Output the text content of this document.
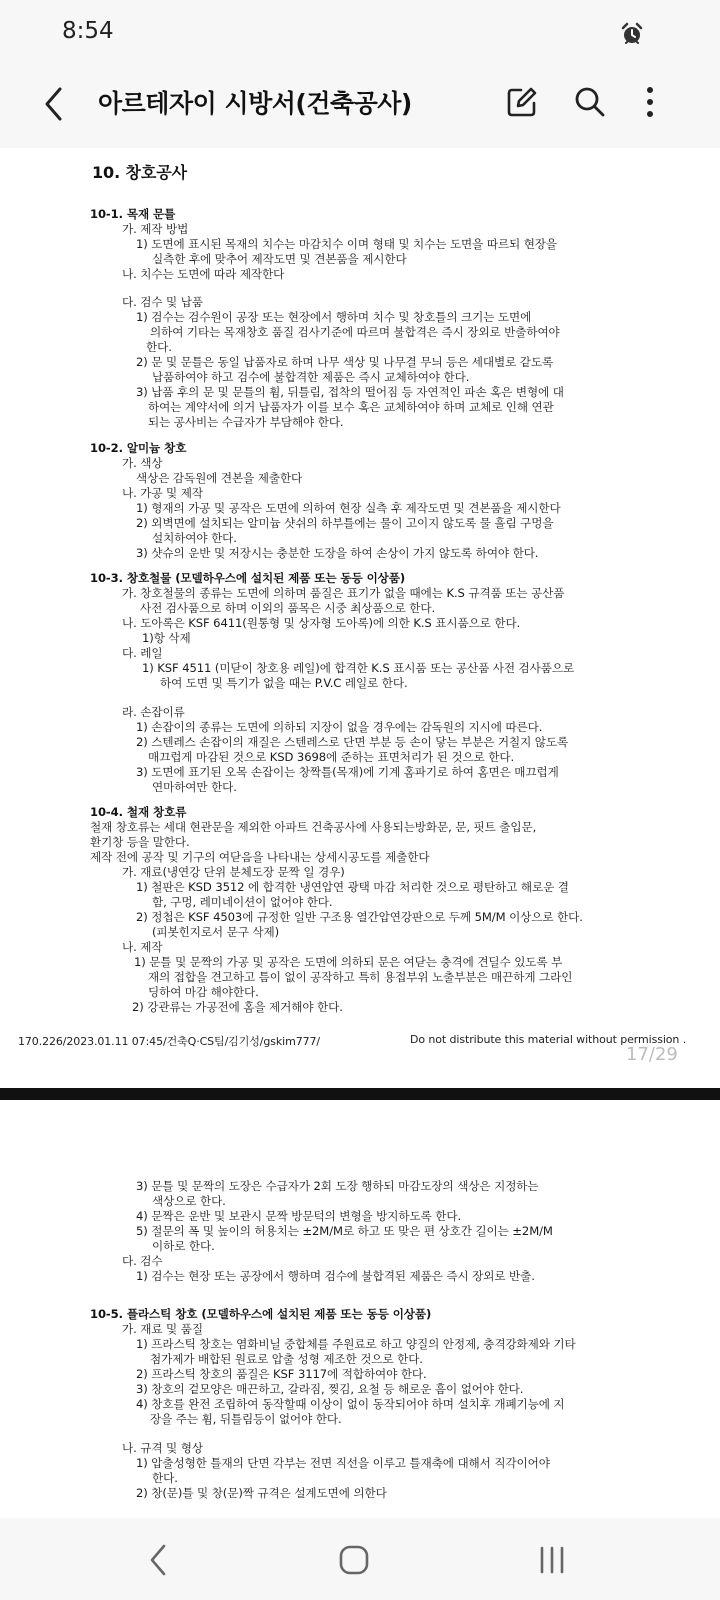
8:54
아르테자이 시방서(건축공사)
10. 창호공사
10-1. 목재 문틀
가. 제작 방법
1) 도면에 표시된 목재의 치수는 마감치수 이며 형태 및 치수는 도면을 따르되 현장을
실측한 후에 맞추어 제작도면 및 견본품을 제시한다
나. 치수는 도면에 따라 제작한다
다. 검수 및 납품
1) 검수는 검수원이 공장 또는 현장에서 행하며 치수 및 창호틀의 크기는 도면에
의하여 기타는 목재창호 품질 검사기준에 따르며 불합격은 즉시 장외로 반출하여야
한다.
2) 문 및 문틀은 동일 납품자로 하며 나무 색상 및 나무결 무늬 등은 세대별로 같도록
납품하여야 하고 검수에 불합격한 제품은 즉시 교체하여야 한다.
3) 납품 후의 문 및 문틀의 휨, 뒤틀림, 접착의 떨어짐 등 자연적인 파손 혹은 변형에 대
하여는 계약서에 의거 납품자가 이를 보수 혹은 교체하여야 하며 교체로 인해 연관
되는 공사비는 수급자가 부담해야 한다.
10-2. 알미늄 창호
가. 색상
색상은 감독원에 견본을 제출한다
나. 가공 및 제작
1) 형재의 가공 및 공작은 도면에 의하여 현장 실측 후 제작도면 및 견본품을 제시한다
2) 외벽면에 설치되는 알미늄 샷쉬의 하부틀에는 물이 고이지 않도록 물 흘림 구멍을
설치하여야 한다.
3) 샷슈의 운반 및 저장시는 충분한 도장을 하여 손상이 가지 않도록 하여야 한다.
10-3. 창호철물 (모델하우스에 설치된 제품 또는 동등 이상품)
가. 창호철물의 종류는 도면에 의하며 품질은 표기가 없을 때에는 K.S 규격품 또는 공산품
사전 검사품으로 하며 이외의 품목은 시중 최상품으로 한다.
나. 도아록은 KSF 6411(원통형 및 상자형 도아록)에 의한 K.S 표시품으로 한다.
1)항 삭제
다. 레일
1) KSF 4511 (미닫이 창호용 레일)에 합격한 K.S 표시품 또는 공산품 사전 검사품으로
하여 도면 및 특기가 없을 때는 P.V.C 레일로 한다.
라. 손잡이류
1) 손잡이의 종류는 도면에 의하되 지장이 없을 경우에는 감독원의 지시에 따른다.
2) 스텐레스 손잡이의 재질은 스텐레스로 단면 부분 등 손이 닿는 부분은 거칠지 않도록
매끄럽게 마감된 것으로 KSD 3698에 준하는 표면처리가 된 것으로 한다.
3) 도면에 표기된 오목 손잡이는 창짝틀(목재)에 기계 홈파기로 하여 홈면은 매끄럽게
연마하여만 한다.
10-4. 철재 창호류
철재 창호류는 세대 현관문을 제외한 아파트 건축공사에 사용되는방화문, 문, 핏트 출입문,
환기창 등을 말한다.
제작 전에 공작 및 기구의 여닫음을 나타내는 상세시공도를 제출한다
가. 재료(냉연강 단위 분체도장 문짝 일 경우)
1) 철판은 KSD 3512 에 합격한 냉연압연 광택 마감 처리한 것으로 평탄하고 해로운 결
함, 구멍, 레미네이션이 없어야 한다.
2) 정첩은 KSF 4503에 규정한 일반 구조용 열간압연강판으로 두께 5M/M 이상으로 한다.
(피봇힌지로서 문구 삭제)
나. 제작
1) 문틀 및 문짝의 가공 및 공작은 도면에 의하되 문은 여닫는 충격에 견딜수 있도록 부
재의 접합을 견고하고 틈이 없이 공작하고 특히 용접부위 노출부분은 매끈하게 그라인
딩하여 마감 해야한다.
2) 강관류는 가공전에 홈을 제거해야 한다.
170.226/2023.01.11 07:45/건축Q·CS팀/김기성/gskim777/	Do not distribute this material without permission .
17/29
3) 문틀 및 문짝의 도장은 수급자가 2회 도장 행하되 마감도장의 색상은 지정하는
색상으로 한다.
4) 문짝은 운반 및 보관시 문짝 방문턱의 변형을 방지하도록 한다.
5) 절문의 폭 및 높이의 허용치는 ±2M/M로 하고 또 맞은 편 상호간 길이는 ±2M/M
이하로 한다.
다. 검수
1) 검수는 현장 또는 공장에서 행하며 검수에 불합격된 제품은 즉시 장외로 반출.
10-5. 플라스틱 창호 (모델하우스에 설치된 제품 또는 동등 이상품)
가. 재료 및 품질
1) 프라스틱 창호는 염화비닐 중합체를 주원료로 하고 양질의 안정제, 충격강화제와 기타
첨가제가 배합된 원료로 압출 성형 제조한 것으로 한다.
2) 프라스틱 창호의 품질은 KSF 3117에 적합하여야 한다.
3) 창호의 겉모양은 매끈하고, 갈라짐, 찢김, 요철 등 해로운 흠이 없어야 한다.
4) 창호를 완전 조립하여 동작할때 이상이 없이 동작되어야 하며 설치후 개폐기능에 지
장을 주는 휨, 뒤틀림등이 없어야 한다.
나. 규격 및 형상
1) 압출성형한 틀재의 단면 각부는 전면 직선을 이루고 틀재축에 대해서 직각이어야
한다.
2) 창(문)틀 및 창(문)짝 규격은 설계도면에 의한다
